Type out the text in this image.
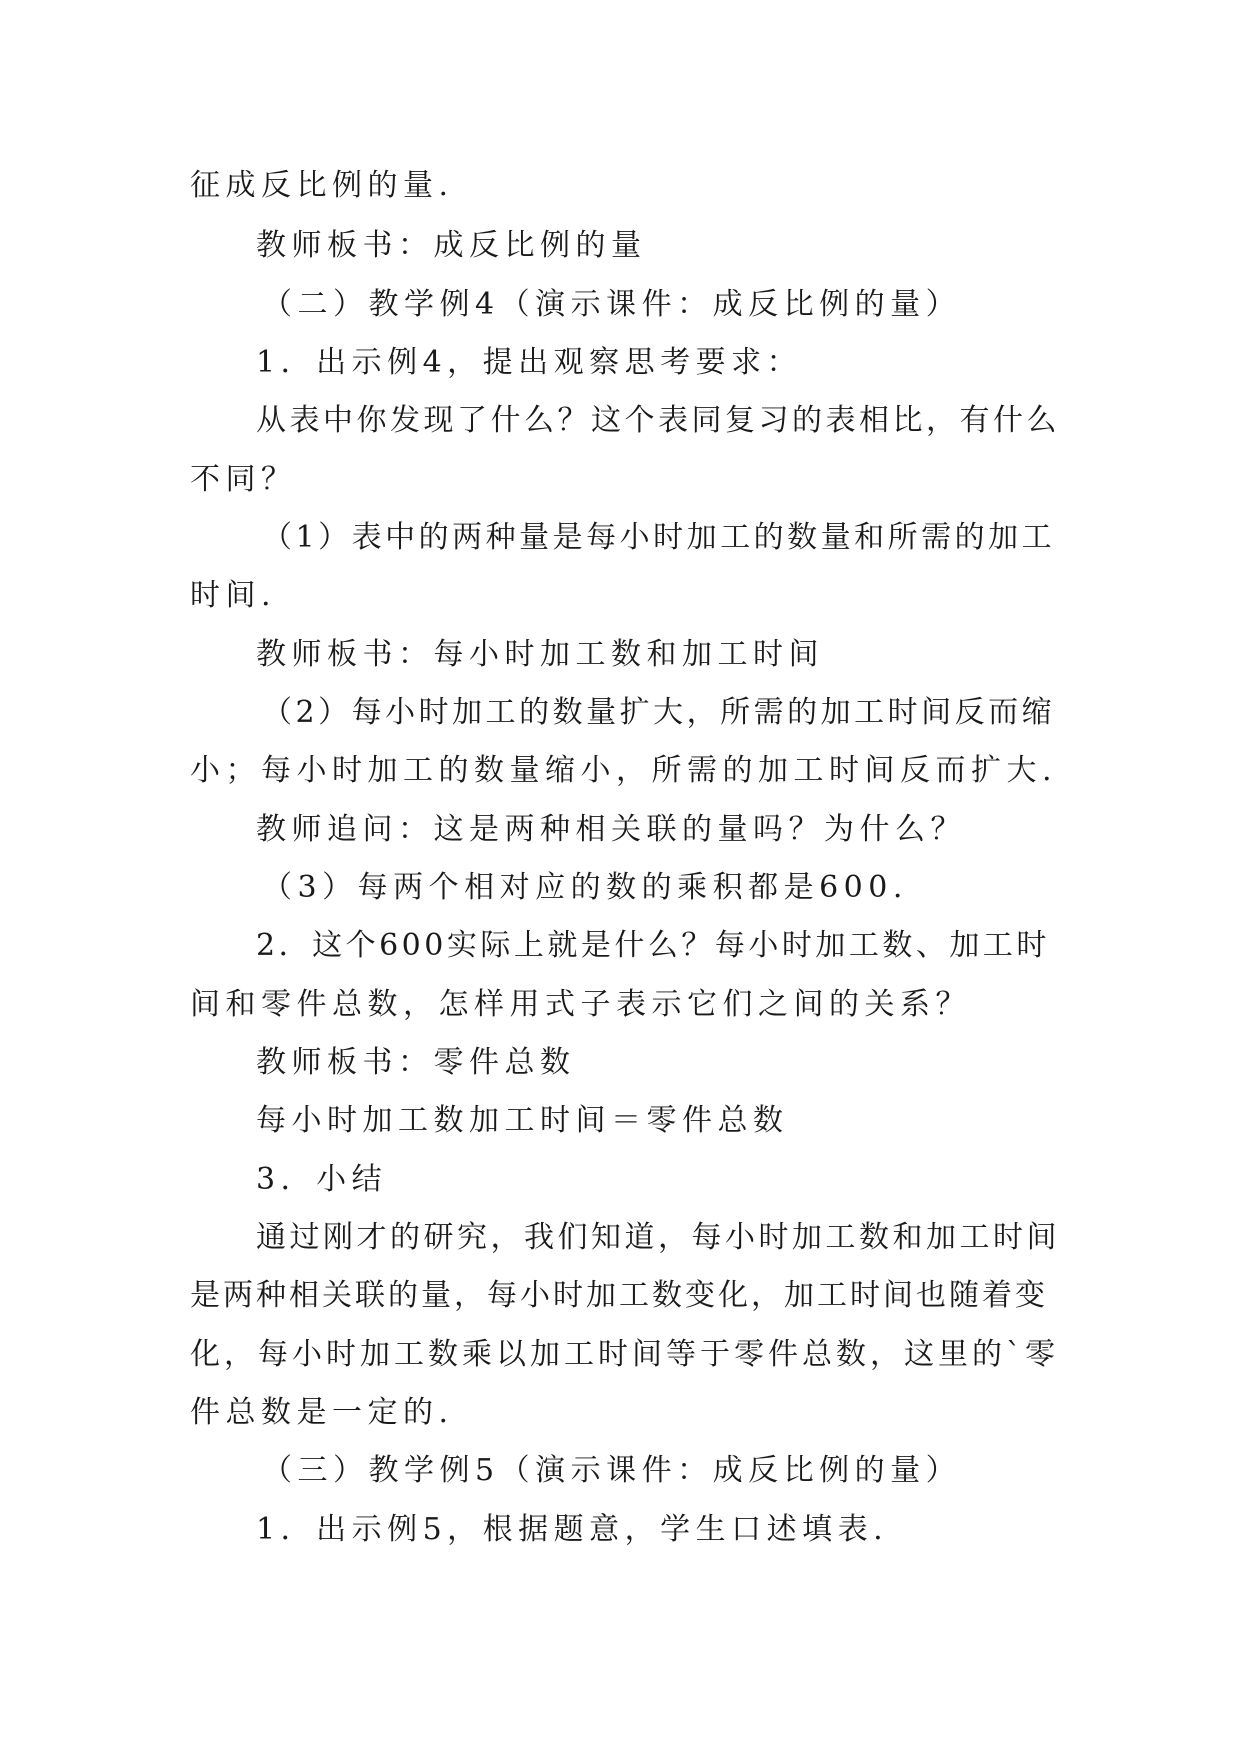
征成反比例的量.

教师板书：成反比例的量

（二）教学例4（演示课件：成反比例的量）

1．出示例4，提出观察思考要求：

从表中你发现了什么？这个表同复习的表相比，有什么

不同？

（1）表中的两种量是每小时加工的数量和所需的加工

时间.

教师板书：每小时加工数和加工时间

（2）每小时加工的数量扩大，所需的加工时间反而缩

小；每小时加工的数量缩小，所需的加工时间反而扩大.

教师追问：这是两种相关联的量吗？为什么？

（3）每两个相对应的数的乘积都是600.

2．这个600实际上就是什么？每小时加工数、加工时

间和零件总数，怎样用式子表示它们之间的关系？

教师板书：零件总数

每小时加工数加工时间＝零件总数

3．小结

通过刚才的研究，我们知道，每小时加工数和加工时间

是两种相关联的量，每小时加工数变化，加工时间也随着变

化，每小时加工数乘以加工时间等于零件总数，这里的`零

件总数是一定的.

（三）教学例5（演示课件：成反比例的量）

1．出示例5，根据题意，学生口述填表.
